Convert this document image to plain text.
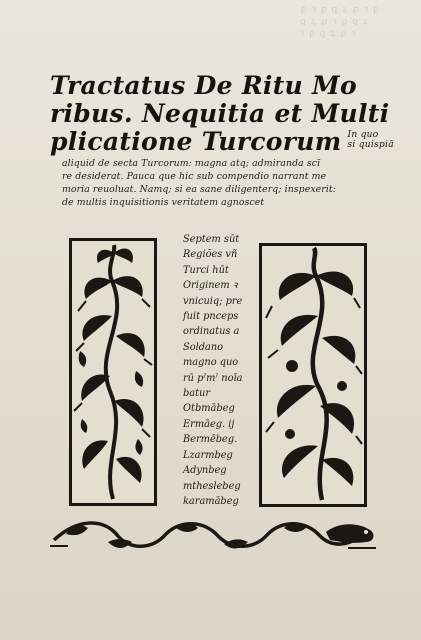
ꝓ ꝛ ꝑ ꝗ ꝝ ꝓ ꝛ ꝑ
ꝗ ꝝ ꝓ ꝛ ꝑ ꝗ ꝝ
ꝛ ꝑ ꝗ ꝝ ꝓ ꝛ
Tractatus De Ritu Mo
ribus. Nequitia et Multi
plicatione Turcorum In quo
si quispiā
aliquid de secta Turcorum: magna atq; admiranda scī
re desiderat. Pauca que hic sub compendio narrant me
moria reuoluat. Namq; si ea sane diligenterq; inspexerit:
de multis inquisitionis veritatem agnoscet
Septem sūt
Regiões vñ
Turci hūt
Originem ꝛ
vnicuiq; pre
fuit pnceps
ordinatus a
Soldano
magno quo
rū pˀmˀ noīa
batur
Otbmābeg
Ermāeg. ij
Bermēbeg.
Lzarmbeg
Adynbeg
mtheslebeg
karamābeg
